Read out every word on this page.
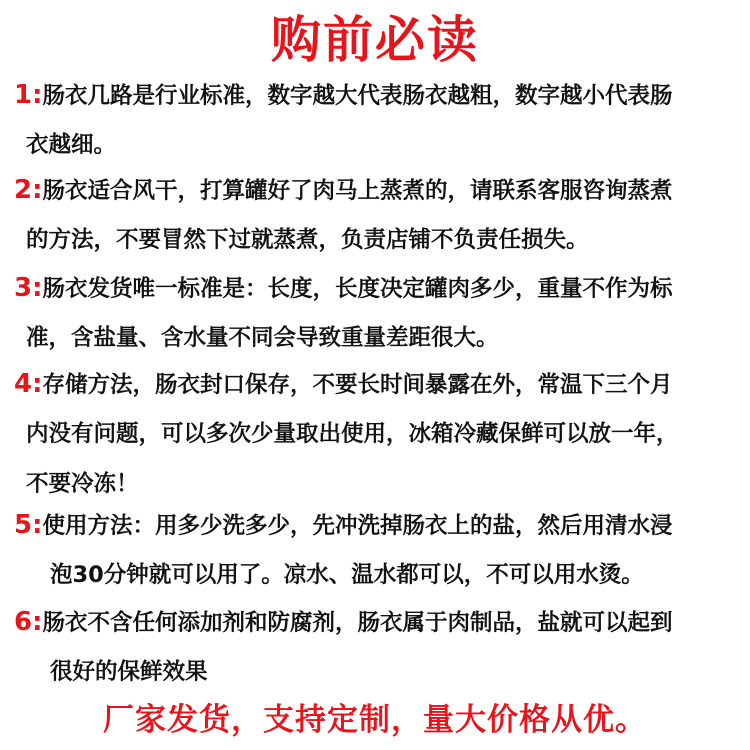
购前必读
1:肠衣几路是行业标准，数字越大代表肠衣越粗，数字越小代表肠
衣越细。
2:肠衣适合风干，打算罐好了肉马上蒸煮的，请联系客服咨询蒸煮
的方法，不要冒然下过就蒸煮，负责店铺不负责任损失。
3:肠衣发货唯一标准是：长度，长度决定罐肉多少，重量不作为标
准，含盐量、含水量不同会导致重量差距很大。
4:存储方法，肠衣封口保存，不要长时间暴露在外，常温下三个月
内没有问题，可以多次少量取出使用，冰箱冷藏保鲜可以放一年，
不要冷冻！
5:使用方法：用多少洗多少，先冲洗掉肠衣上的盐，然后用清水浸
泡30分钟就可以用了。凉水、温水都可以，不可以用水烫。
6:肠衣不含任何添加剂和防腐剂，肠衣属于肉制品，盐就可以起到
很好的保鲜效果
厂家发货，支持定制，量大价格从优。
